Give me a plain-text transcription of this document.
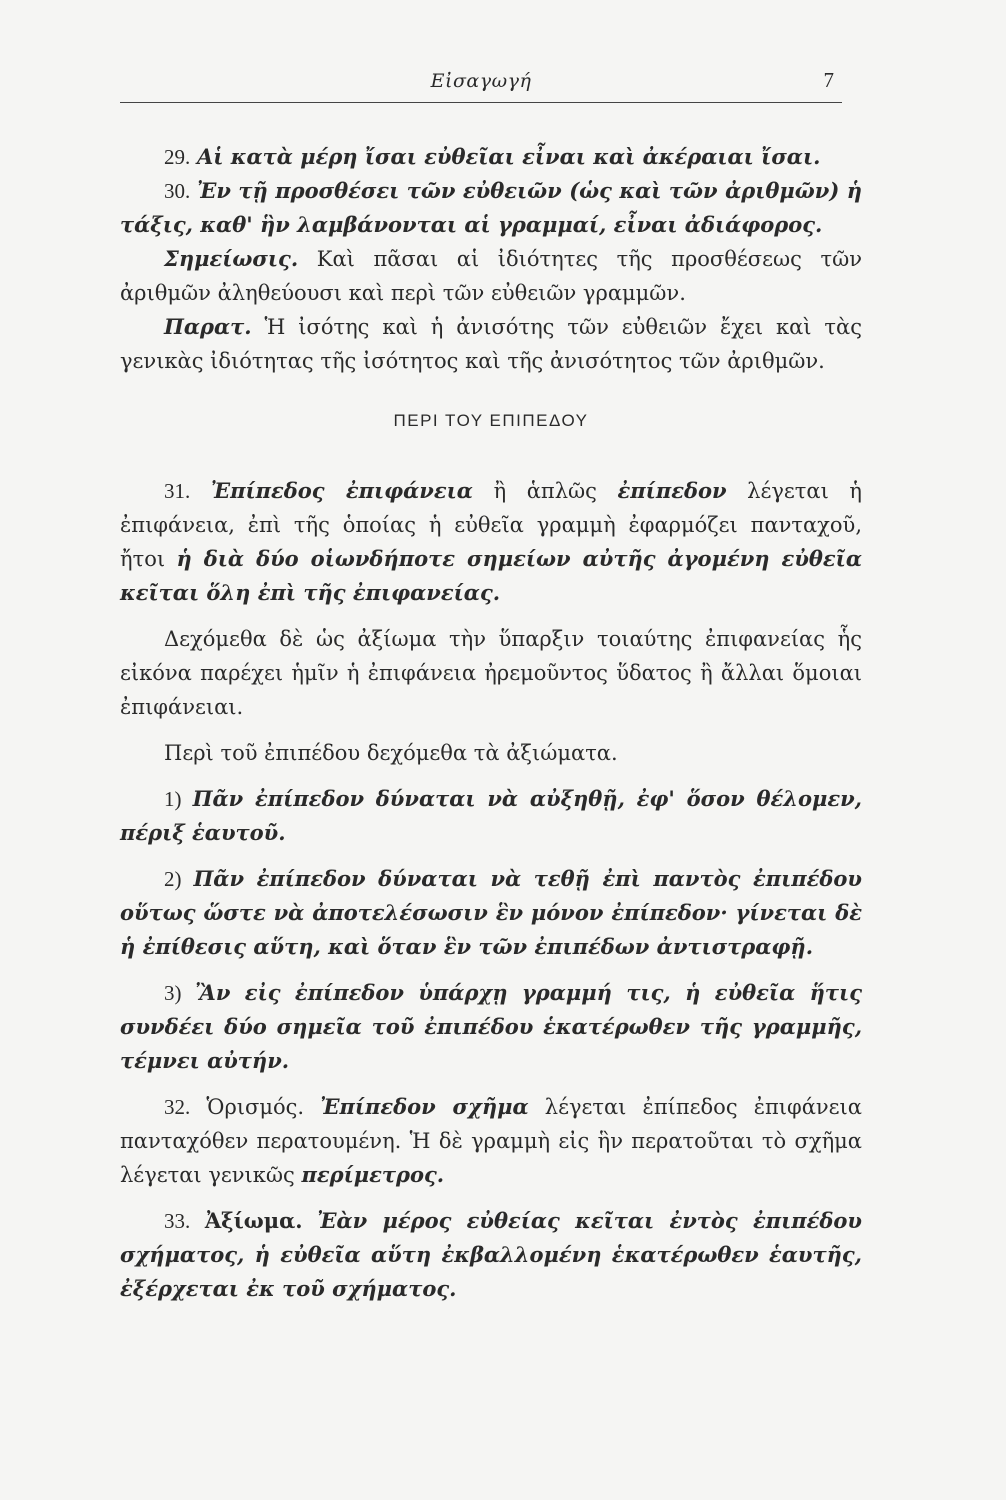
Εἰσαγωγή	7

29. Αἱ κατὰ μέρη ἴσαι εὐθεῖαι εἶναι καὶ ἀκέραιαι ἴσαι.

30. Ἐν τῇ προσθέσει τῶν εὐθειῶν (ὡς καὶ τῶν ἀριθμῶν) ἡ τάξις, καθ' ἣν λαμβάνονται αἱ γραμμαί, εἶναι ἀδιάφορος.

Σημείωσις. Καὶ πᾶσαι αἱ ἰδιότητες τῆς προσθέσεως τῶν ἀριθμῶν ἀληθεύουσι καὶ περὶ τῶν εὐθειῶν γραμμῶν.

Παρατ. Ἡ ἰσότης καὶ ἡ ἀνισότης τῶν εὐθειῶν ἔχει καὶ τὰς γενικὰς ἰδιότητας τῆς ἰσότητος καὶ τῆς ἀνισότητος τῶν ἀριθμῶν.

ΠΕΡΙ ΤΟΥ ΕΠΙΠΕΔΟΥ

31. Ἐπίπεδος ἐπιφάνεια ἢ ἁπλῶς ἐπίπεδον λέγεται ἡ ἐπιφάνεια, ἐπὶ τῆς ὁποίας ἡ εὐθεῖα γραμμὴ ἐφαρμόζει πανταχοῦ, ἤτοι ἡ διὰ δύο οἱωνδήποτε σημείων αὐτῆς ἀγομένη εὐθεῖα κεῖται ὅλη ἐπὶ τῆς ἐπιφανείας.

Δεχόμεθα δὲ ὡς ἀξίωμα τὴν ὕπαρξιν τοιαύτης ἐπιφανείας ἧς εἰκόνα παρέχει ἡμῖν ἡ ἐπιφάνεια ἠρεμοῦντος ὕδατος ἢ ἄλλαι ὅμοιαι ἐπιφάνειαι.

Περὶ τοῦ ἐπιπέδου δεχόμεθα τὰ ἀξιώματα.

1) Πᾶν ἐπίπεδον δύναται νὰ αὐξηθῇ, ἐφ' ὅσον θέλομεν, πέριξ ἑαυτοῦ.

2) Πᾶν ἐπίπεδον δύναται νὰ τεθῇ ἐπὶ παντὸς ἐπιπέδου οὕτως ὥστε νὰ ἀποτελέσωσιν ἓν μόνον ἐπίπεδον· γίνεται δὲ ἡ ἐπίθεσις αὕτη, καὶ ὅταν ἓν τῶν ἐπιπέδων ἀντιστραφῇ.

3) Ἂν εἰς ἐπίπεδον ὑπάρχῃ γραμμή τις, ἡ εὐθεῖα ἥτις συνδέει δύο σημεῖα τοῦ ἐπιπέδου ἑκατέρωθεν τῆς γραμμῆς, τέμνει αὐτήν.

32. Ὁρισμός. Ἐπίπεδον σχῆμα λέγεται ἐπίπεδος ἐπιφάνεια πανταχόθεν περατουμένη. Ἡ δὲ γραμμὴ εἰς ἣν περατοῦται τὸ σχῆμα λέγεται γενικῶς περίμετρος.

33. Ἀξίωμα. Ἐὰν μέρος εὐθείας κεῖται ἐντὸς ἐπιπέδου σχήματος, ἡ εὐθεῖα αὕτη ἐκβαλλομένη ἑκατέρωθεν ἑαυτῆς, ἐξέρχεται ἐκ τοῦ σχήματος.
